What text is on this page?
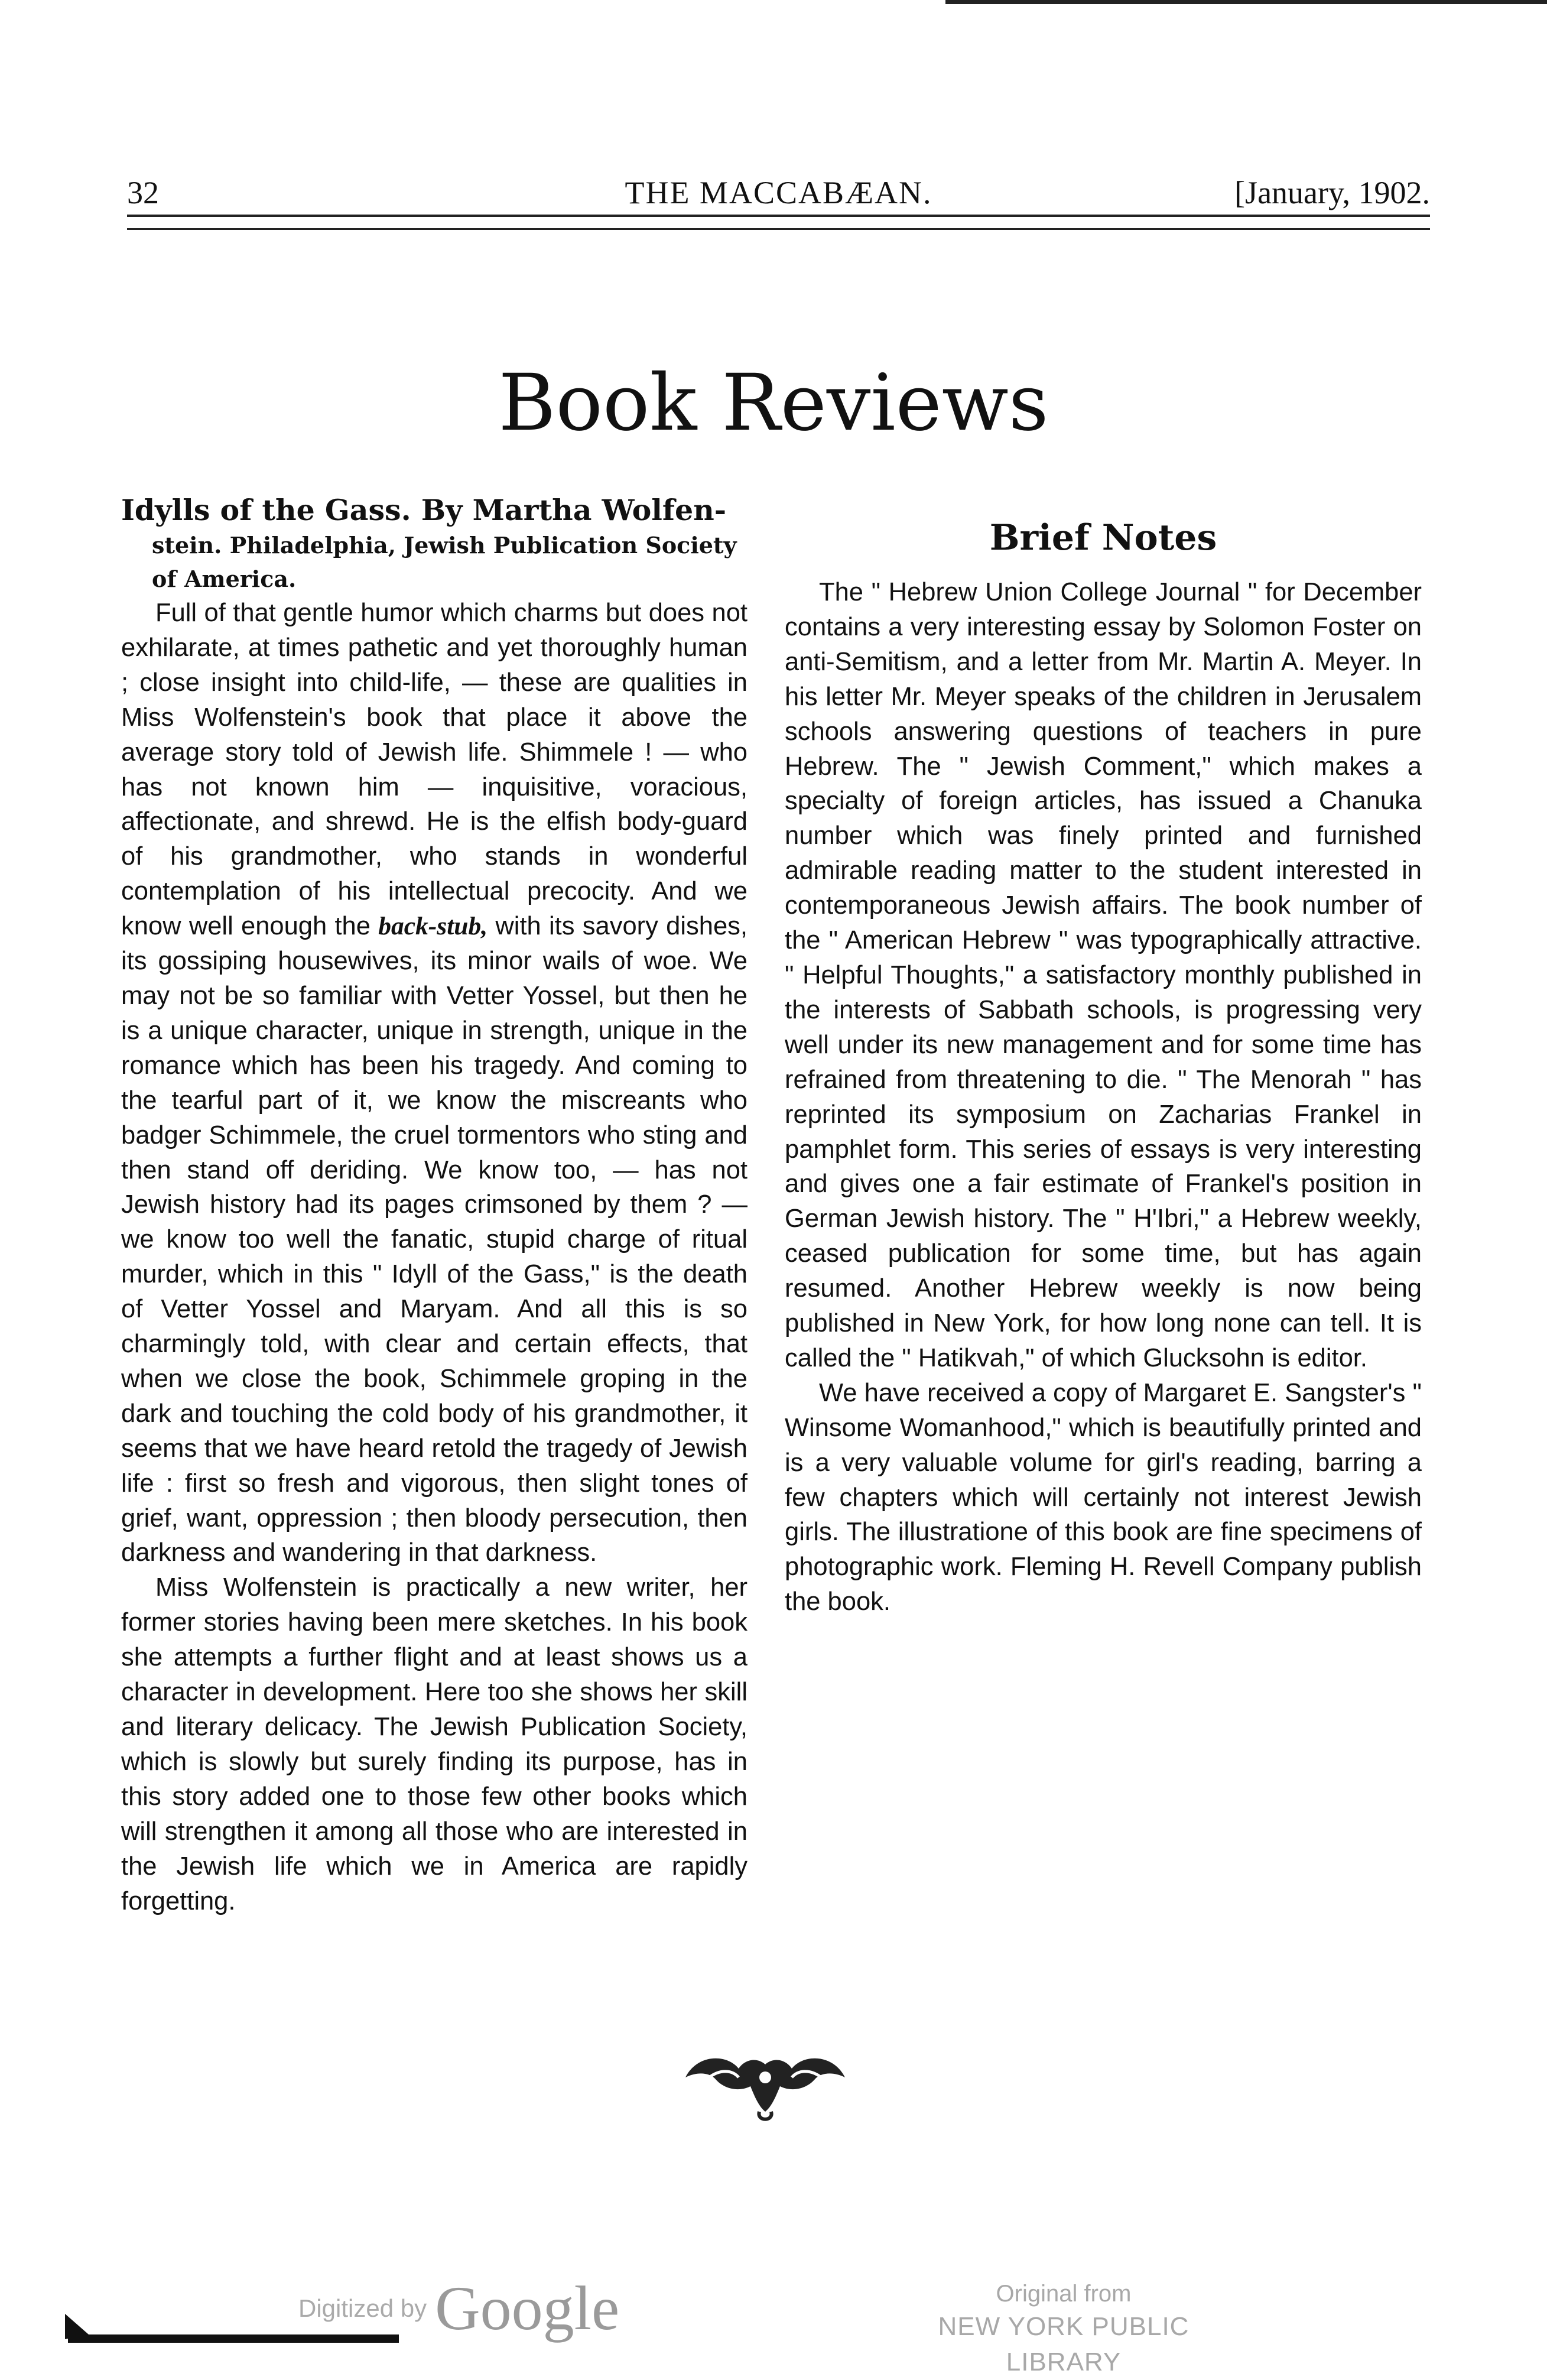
32	THE MACCABÆAN.	[January, 1902.
Book Reviews

Idylls of the Gass. By Martha Wolfen- stein. Philadelphia, Jewish Publication Society of America.

Full of that gentle humor which charms but does not exhilarate, at times pathetic and yet thoroughly human ; close insight into child-life, — these are qualities in Miss Wolfenstein's book that place it above the average story told of Jewish life. Shimmele ! — who has not known him — inquisitive, voracious, affectionate, and shrewd. He is the elfish body-guard of his grandmother, who stands in wonderful contemplation of his intellectual precocity. And we know well enough the back-stub, with its savory dishes, its gossiping housewives, its minor wails of woe. We may not be so familiar with Vetter Yossel, but then he is a unique character, unique in strength, unique in the romance which has been his tragedy. And coming to the tearful part of it, we know the miscreants who badger Schimmele, the cruel tormentors who sting and then stand off deriding. We know too, — has not Jewish history had its pages crimsoned by them ? — we know too well the fanatic, stupid charge of ritual murder, which in this " Idyll of the Gass," is the death of Vetter Yossel and Maryam. And all this is so charmingly told, with clear and certain effects, that when we close the book, Schimmele groping in the dark and touching the cold body of his grandmother, it seems that we have heard retold the tragedy of Jewish life : first so fresh and vigorous, then slight tones of grief, want, oppression ; then bloody persecution, then darkness and wandering in that darkness.

Miss Wolfenstein is practically a new writer, her former stories having been mere sketches. In his book she attempts a further flight and at least shows us a character in development. Here too she shows her skill and literary delicacy. The Jewish Publication Society, which is slowly but surely finding its purpose, has in this story added one to those few other books which will strengthen it among all those who are interested in the Jewish life which we in America are rapidly forgetting.

Brief Notes

The " Hebrew Union College Journal " for December contains a very interesting essay by Solomon Foster on anti-Semitism, and a letter from Mr. Martin A. Meyer. In his letter Mr. Meyer speaks of the children in Jerusalem schools answering questions of teachers in pure Hebrew. The " Jewish Comment," which makes a specialty of foreign articles, has issued a Chanuka number which was finely printed and furnished admirable reading matter to the student interested in contemporaneous Jewish affairs. The book number of the " American Hebrew " was typographically attractive. " Helpful Thoughts," a satisfactory monthly published in the interests of Sabbath schools, is progressing very well under its new management and for some time has refrained from threatening to die. " The Menorah " has reprinted its symposium on Zacharias Frankel in pamphlet form. This series of essays is very interesting and gives one a fair estimate of Frankel's position in German Jewish history. The " H'Ibri," a Hebrew weekly, ceased publication for some time, but has again resumed. Another Hebrew weekly is now being published in New York, for how long none can tell. It is called the " Hatikvah," of which Glucksohn is editor.

We have received a copy of Margaret E. Sangster's " Winsome Womanhood," which is beautifully printed and is a very valuable volume for girl's reading, barring a few chapters which will certainly not interest Jewish girls. The illustratione of this book are fine specimens of photographic work. Fleming H. Revell Company publish the book.

Digitized by Google	Original from
NEW YORK PUBLIC LIBRARY
